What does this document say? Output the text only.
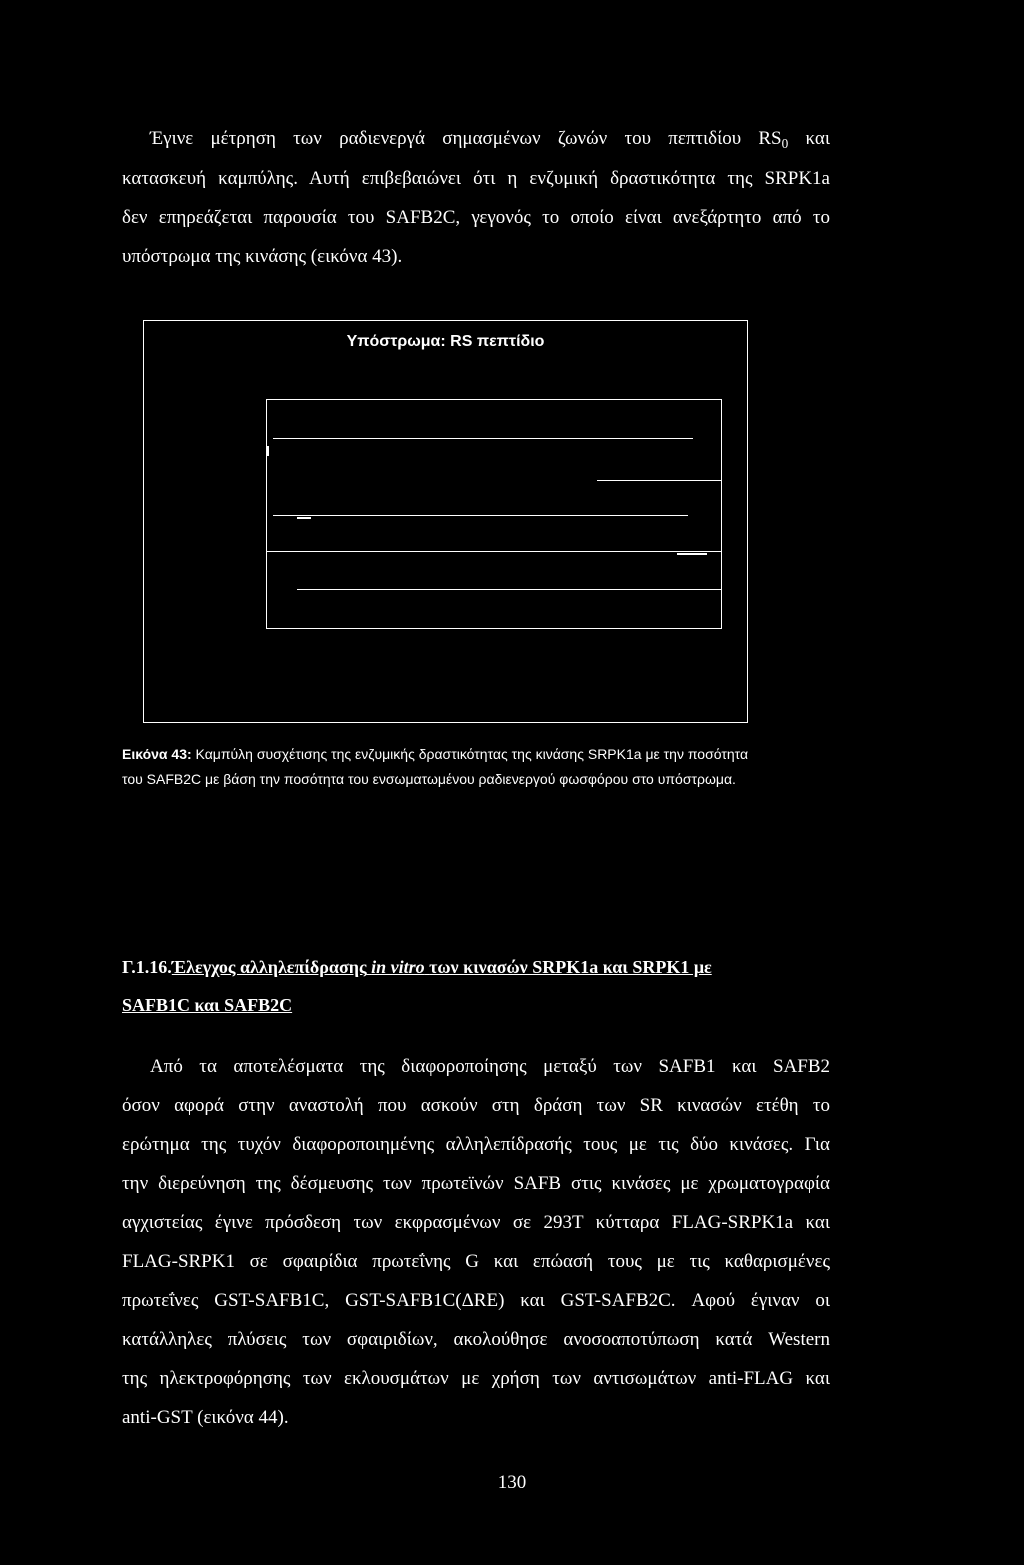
Έγινε μέτρηση των ραδιενεργά σημασμένων ζωνών του πεπτιδίου $RS_0$ και
κατασκευή καμπύλης. Αυτή επιβεβαιώνει ότι η ενζυμική δραστικότητα της SRPK1a
δεν επηρεάζεται παρουσία του SAFB2C, γεγονός το οποίο είναι ανεξάρτητο από το
υπόστρωμα της κινάσης (εικόνα 43).
Υπόστρωμα: RS πεπτίδιο
Εικόνα 43: Καμπύλη συσχέτισης της ενζυμικής δραστικότητας της κινάσης SRPK1a με την ποσότητα
του SAFB2C με βάση την ποσότητα του ενσωματωμένου ραδιενεργού φωσφόρου στο υπόστρωμα.
Γ.1.16.Έλεγχος αλληλεπίδρασης in vitro των κινασών SRPK1a και SRPK1 με
SAFB1C και SAFB2C
Από τα αποτελέσματα της διαφοροποίησης μεταξύ των SAFB1 και SAFB2
όσον αφορά στην αναστολή που ασκούν στη δράση των SR κινασών ετέθη το
ερώτημα της τυχόν διαφοροποιημένης αλληλεπίδρασής τους με τις δύο κινάσες. Για
την διερεύνηση της δέσμευσης των πρωτεϊνών SAFB στις κινάσες με χρωματογραφία
αγχιστείας έγινε πρόσδεση των εκφρασμένων σε 293T κύτταρα FLAG-SRPK1a και
FLAG-SRPK1 σε σφαιρίδια πρωτεΐνης G και επώασή τους με τις καθαρισμένες
πρωτεΐνες GST-SAFB1C, GST-SAFB1C(ΔRE) και GST-SAFB2C. Αφού έγιναν οι
κατάλληλες πλύσεις των σφαιριδίων, ακολούθησε ανοσοαποτύπωση κατά Western
της ηλεκτροφόρησης των εκλουσμάτων με χρήση των αντισωμάτων anti-FLAG και
anti-GST (εικόνα 44).
130
